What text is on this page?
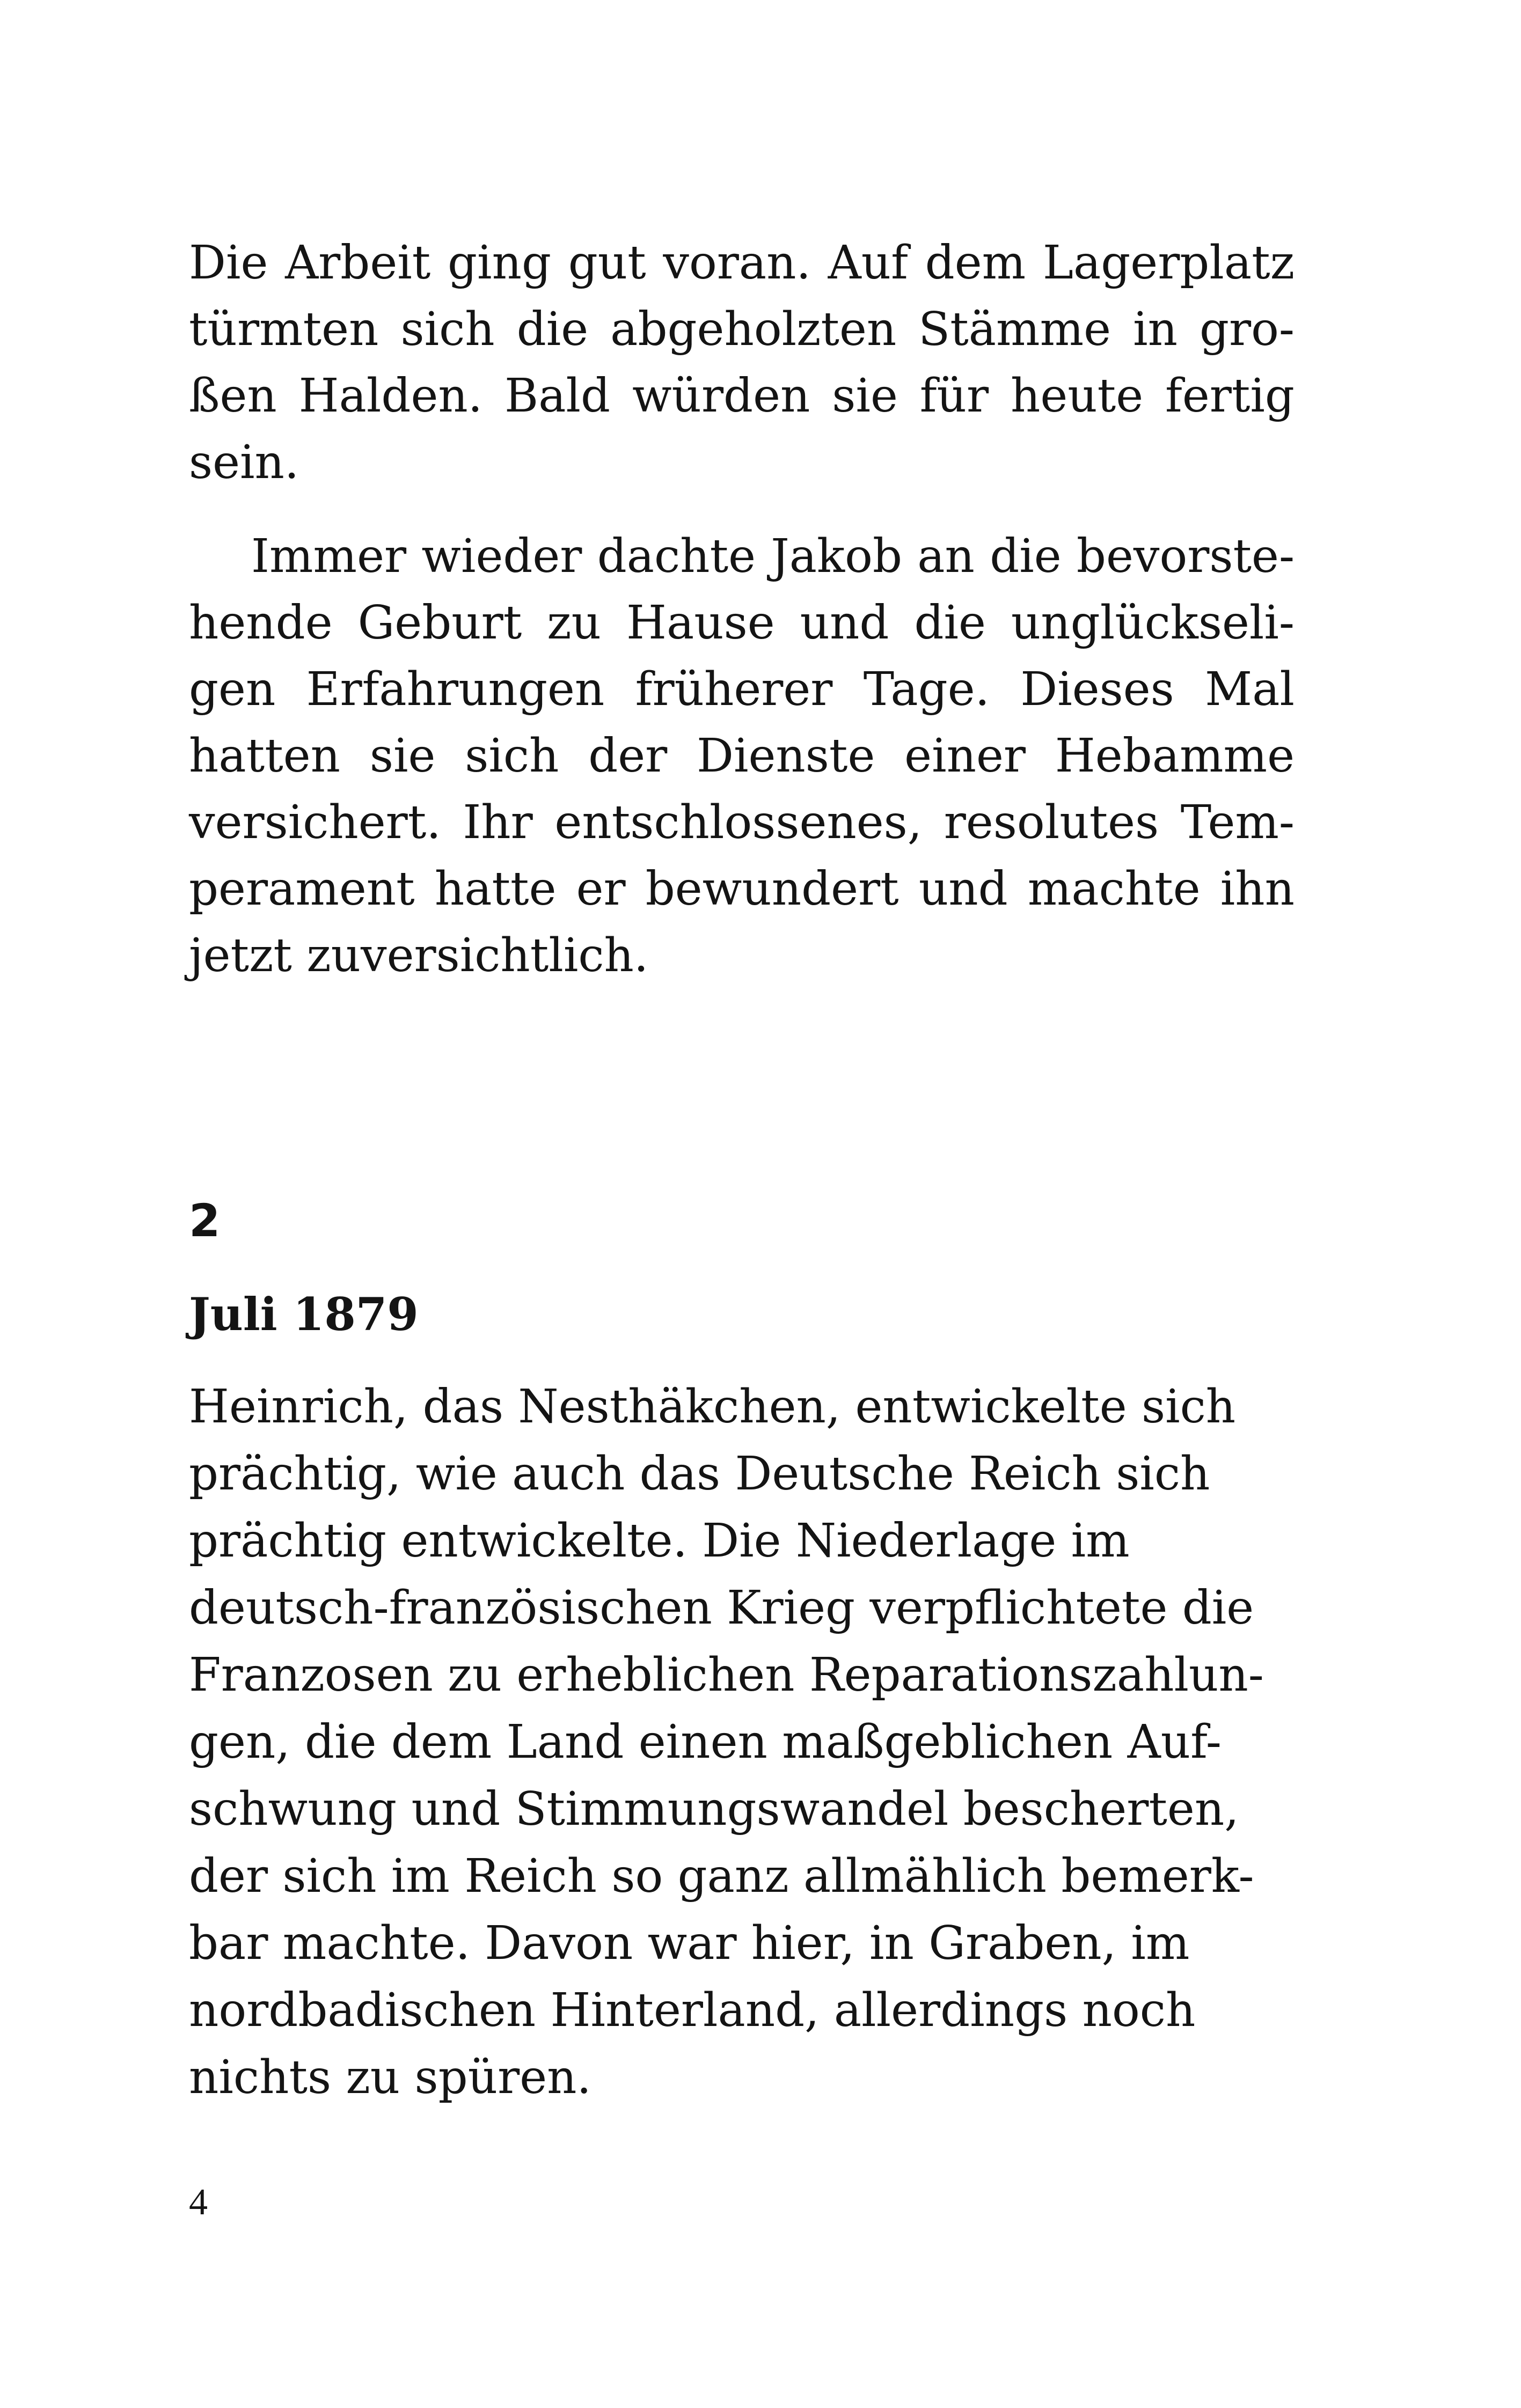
Die Arbeit ging gut voran. Auf dem Lagerplatz
türmten sich die abgeholzten Stämme in gro-
ßen Halden. Bald würden sie für heute fertig
sein.
Immer wieder dachte Jakob an die bevorste-
hende Geburt zu Hause und die unglückseli-
gen Erfahrungen früherer Tage. Dieses Mal
hatten sie sich der Dienste einer Hebamme
versichert. Ihr entschlossenes, resolutes Tem-
perament hatte er bewundert und machte ihn
jetzt zuversichtlich.
2
Juli 1879
Heinrich, das Nesthäkchen, entwickelte sich
prächtig, wie auch das Deutsche Reich sich
prächtig entwickelte. Die Niederlage im
deutsch-französischen Krieg verpflichtete die
Franzosen zu erheblichen Reparationszahlun-
gen, die dem Land einen maßgeblichen Auf-
schwung und Stimmungswandel bescherten,
der sich im Reich so ganz allmählich bemerk-
bar machte. Davon war hier, in Graben, im
nordbadischen Hinterland, allerdings noch
nichts zu spüren.
4
